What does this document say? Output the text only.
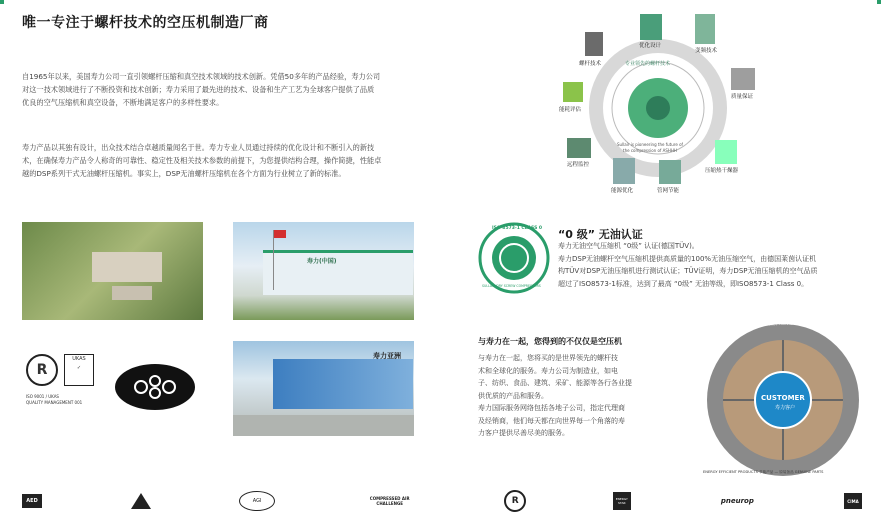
唯一专注于螺杆技术的空压机制造厂商
自1965年以来，美国寿力公司一直引领螺杆压缩和真空技术领域的技术创新。凭借50多年的产品经验，寿力公司
对这一技术领域进行了不断投资和技术创新；寿力采用了最先进的技术、设备和生产工艺为全球客户提供了品质
优良的空气压缩机和真空设备，不断地满足客户的多样性要求。
寿力产品以其独有设计，出众技术结合卓越质量闻名于世。寿力专业人员通过持续的优化设计和不断引入的新技
术，在确保寿力产品令人称奇的可靠性、稳定性及相关技术参数的前提下，为您提供结构合理，操作简捷，性能卓
越的DSP系列干式无油螺杆压缩机。事实上，DSP无油螺杆压缩机在各个方面为行业树立了新的标准。
螺杆技术
优化设计
变频技术
能耗评估
质量保证
远程监控
能源优化	管网节能
压缩热干燥器
专业领先的螺杆技术
Sullair is pioneering the future of
the compression of ASHHH
寿力(中国)
R
UKAS
✓
ISO 9001 / UKAS
QUALITY MANAGEMENT 001
寿力亚洲
ISO 8573-1 CLASS 0
SULLAIR DRY SCREW COMPRESSORS
“0 级” 无油认证
寿力无油空气压缩机 “0级” 认证(德国TÜV)。
寿力DSP无油螺杆空气压缩机提供高质量的100%无油压缩空气，由德国莱茵认证机
构TÜV对DSP无油压缩机进行测试认证；TÜV证明，寿力DSP无油压缩机的空气品质
超过了ISO8573-1标准，达到了最高 “0级” 无油等级，即ISO8573-1 Class 0。
与寿力在一起，您得到的不仅仅是空压机
与寿力在一起，您将买的是世界领先的螺杆技
术和全球化的服务。寿力公司为制造业，如电
子、纺织、食品、建筑、采矿、能源等各行各业提
供优质的产品和服务。
寿力国际服务网络包括各地子公司，指定代理商
及经销商，他们每天都在向世界每一个角落的寿
力客户提供尽善尽美的服务。
CUSTOMER
寿力客户
CUSTOMER TRAINING 客户培训 — 安装保养 MAINTENANCE AND SERVICE
ENERGY EFFICIENT PRODUCTS 节能产品 — 原装备品 GENUINE PARTS
AED	AGI	COMPRESSED AIR CHALLENGE	R	ENERGY STAR	pneurop	CIMA
